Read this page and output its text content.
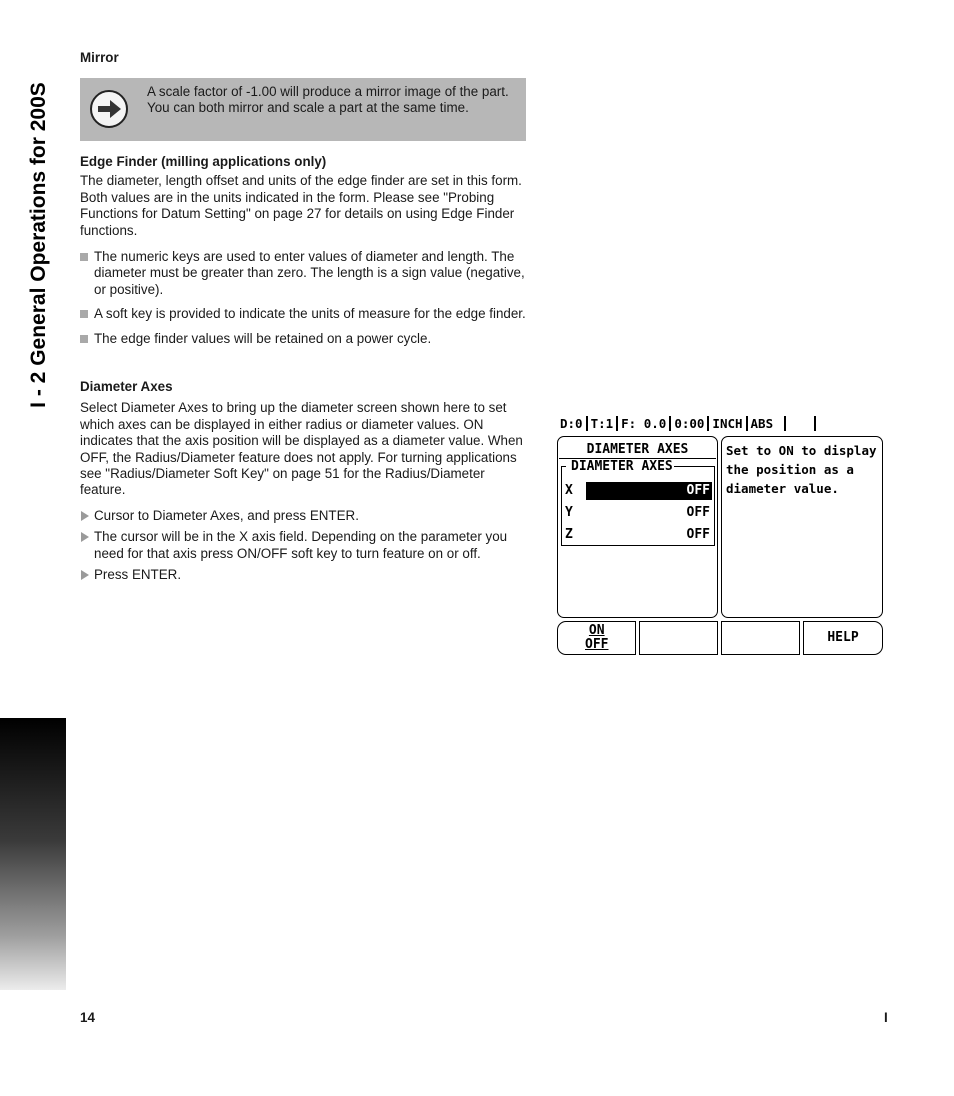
I - 2 General Operations for 200S
Mirror
A scale factor of -1.00 will produce a mirror image of the part. You can both mirror and scale a part at the same time.
Edge Finder (milling applications only)

The diameter, length offset and units of the edge finder are set in this form. Both values are in the units indicated in the form. Please see "Probing Functions for Datum Setting" on page 27 for details on using Edge Finder functions.

The numeric keys are used to enter values of diameter and length. The diameter must be greater than zero. The length is a sign value (negative, or positive).
A soft key is provided to indicate the units of measure for the edge finder.
The edge finder values will be retained on a power cycle.
Diameter Axes

Select Diameter Axes to bring up the diameter screen shown here to set which axes can be displayed in either radius or diameter values. ON indicates that the axis position will be displayed as a diameter value. When OFF, the Radius/Diameter feature does not apply. For turning applications see "Radius/Diameter Soft Key" on page 51 for the Radius/Diameter feature.

Cursor to Diameter Axes, and press ENTER.
The cursor will be in the X axis field. Depending on the parameter you need for that axis press ON/OFF soft key to turn feature on or off.
Press ENTER.
D:0 T:1 F: 0.0 0:00 INCH ABS
DIAMETER AXES
DIAMETER AXES
X	OFF
Y	OFF
Z	OFF
Set to ON to display the position as a diameter value.
ON
OFF	HELP
14	I
